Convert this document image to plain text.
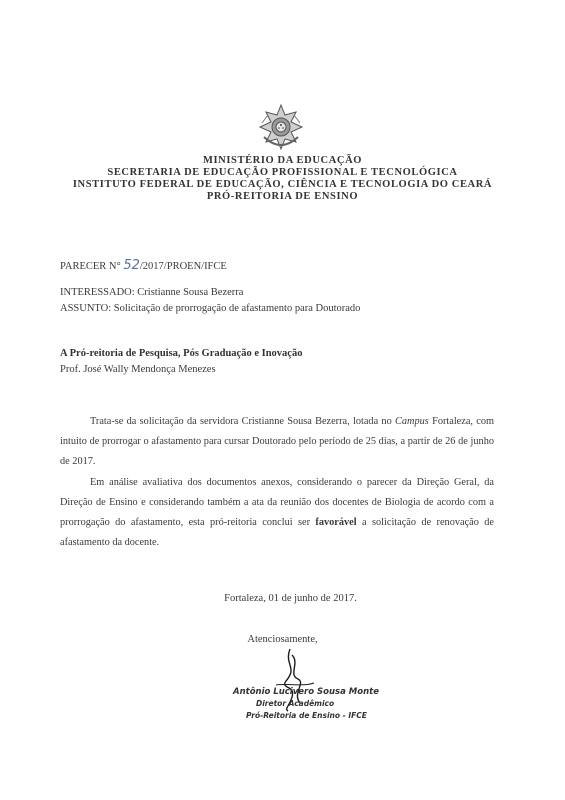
MINISTÉRIO DA EDUCAÇÃO
SECRETARIA DE EDUCAÇÃO PROFISSIONAL E TECNOLÓGICA
INSTITUTO FEDERAL DE EDUCAÇÃO, CIÊNCIA E TECNOLOGIA DO CEARÁ
PRÓ-REITORIA DE ENSINO
PARECER N° 52/2017/PROEN/IFCE
INTERESSADO: Cristianne Sousa Bezerra
ASSUNTO: Solicitação de prorrogação de afastamento para Doutorado
A Pró-reitoria de Pesquisa, Pós Graduação e Inovação
Prof. José Wally Mendonça Menezes
Trata-se da solicitação da servidora Cristianne Sousa Bezerra, lotada no Campus Fortaleza, com intuito de prorrogar o afastamento para cursar Doutorado pelo período de 25 dias, a partir de 26 de junho de 2017.
Em análise avaliativa dos documentos anexos, considerando o parecer da Direção Geral, da Direção de Ensino e considerando também a ata da reunião dos docentes de Biologia de acordo com a prorrogação do afastamento, esta pró-reitoria conclui ser favorável a solicitação de renovação de afastamento da docente.
Fortaleza, 01 de junho de 2017.
Atenciosamente,
Antônio Lucivero Sousa Monte
Diretor Acadêmico
Pró-Reitoria de Ensino - IFCE
